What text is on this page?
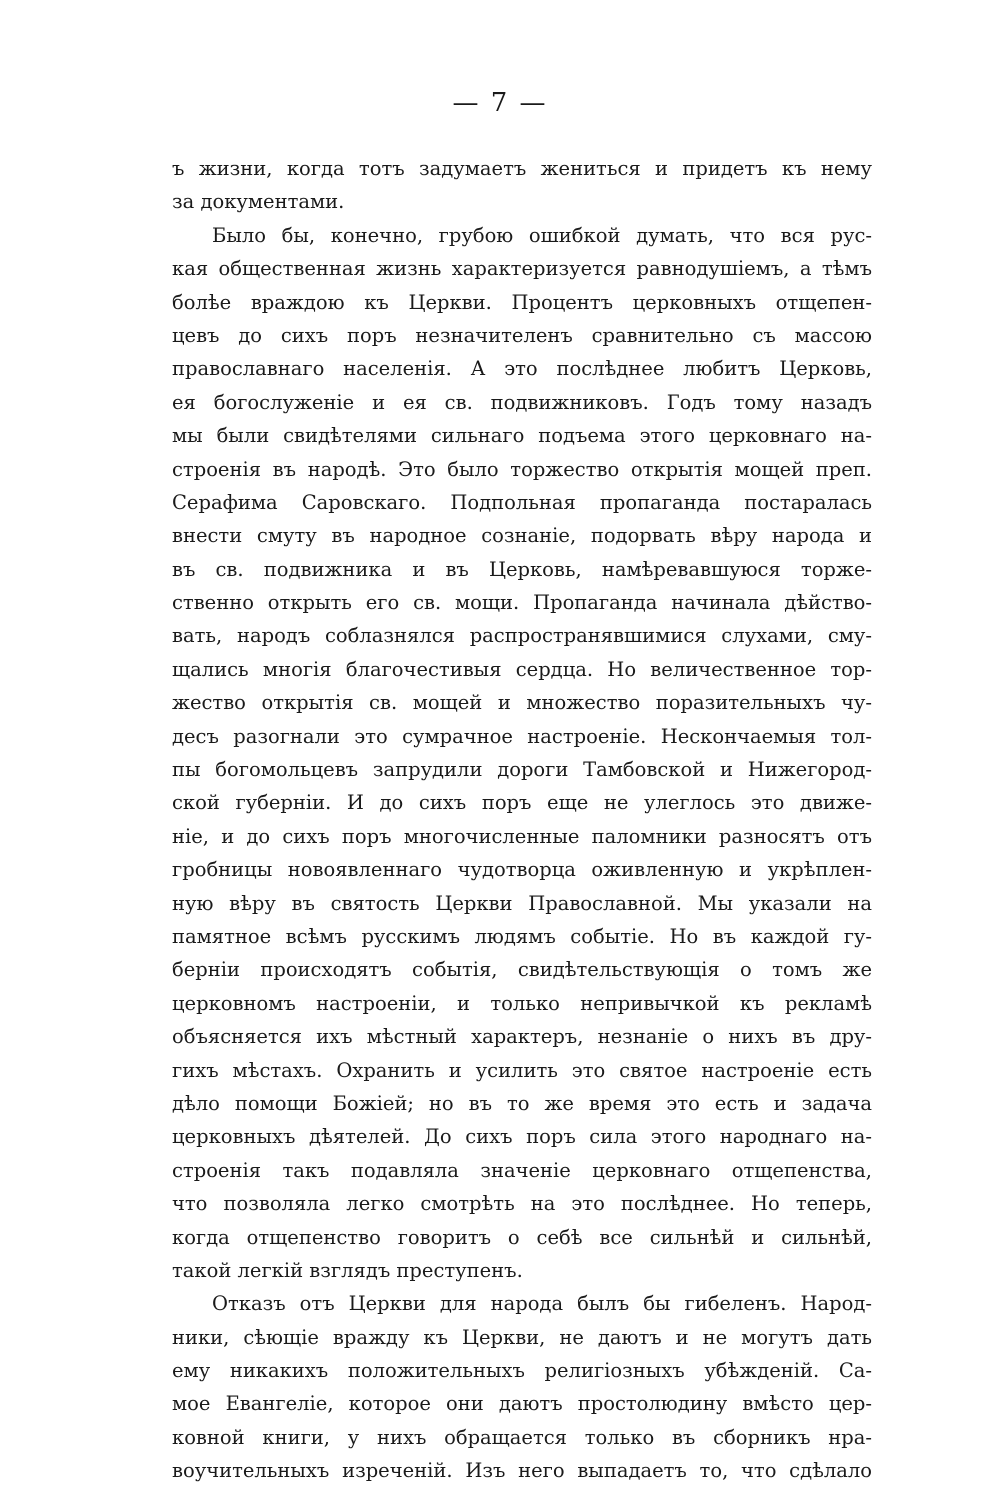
— 7 —
ъ жизни, когда тотъ задумаетъ жениться и придетъ къ нему
за документами.
Было бы, конечно, грубою ошибкой думать, что вся рус-
кая общественная жизнь характеризуется равнодушіемъ, а тѣмъ
болѣе враждою къ Церкви. Процентъ церковныхъ отщепен-
цевъ до сихъ поръ незначителенъ сравнительно съ массою
православнаго населенія. А это послѣднее любитъ Церковь,
ея богослуженіе и ея св. подвижниковъ. Годъ тому назадъ
мы были свидѣтелями сильнаго подъема этого церковнаго на-
строенія въ народѣ. Это было торжество открытія мощей преп.
Серафима Саровскаго. Подпольная пропаганда постаралась
внести смуту въ народное сознаніе, подорвать вѣру народа и
въ св. подвижника и въ Церковь, намѣревавшуюся торже-
ственно открыть его св. мощи. Пропаганда начинала дѣйство-
вать, народъ соблазнялся распространявшимися слухами, сму-
щались многія благочестивыя сердца. Но величественное тор-
жество открытія св. мощей и множество поразительныхъ чу-
десъ разогнали это сумрачное настроеніе. Нескончаемыя тол-
пы богомольцевъ запрудили дороги Тамбовской и Нижегород-
ской губерніи. И до сихъ поръ еще не улеглось это движе-
ніе, и до сихъ поръ многочисленные паломники разносятъ отъ
гробницы новоявленнаго чудотворца оживленную и укрѣплен-
ную вѣру въ святость Церкви Православной. Мы указали на
памятное всѣмъ русскимъ людямъ событіе. Но въ каждой гу-
берніи происходятъ событія, свидѣтельствующія о томъ же
церковномъ настроеніи, и только непривычкой къ рекламѣ
объясняется ихъ мѣстный характеръ, незнаніе о нихъ въ дру-
гихъ мѣстахъ. Охранить и усилить это святое настроеніе есть
дѣло помощи Божіей; но въ то же время это есть и задача
церковныхъ дѣятелей. До сихъ поръ сила этого народнаго на-
строенія такъ подавляла значеніе церковнаго отщепенства,
что позволяла легко смотрѣть на это послѣднее. Но теперь,
когда отщепенство говоритъ о себѣ все сильнѣй и сильнѣй,
такой легкій взглядъ преступенъ.
Отказъ отъ Церкви для народа былъ бы гибеленъ. Народ-
ники, сѣющіе вражду къ Церкви, не даютъ и не могутъ дать
ему никакихъ положительныхъ религіозныхъ убѣжденій. Са-
мое Евангеліе, которое они даютъ простолюдину вмѣсто цер-
ковной книги, у нихъ обращается только въ сборникъ нра-
воучительныхъ изреченій. Изъ него выпадаетъ то, что сдѣлало
